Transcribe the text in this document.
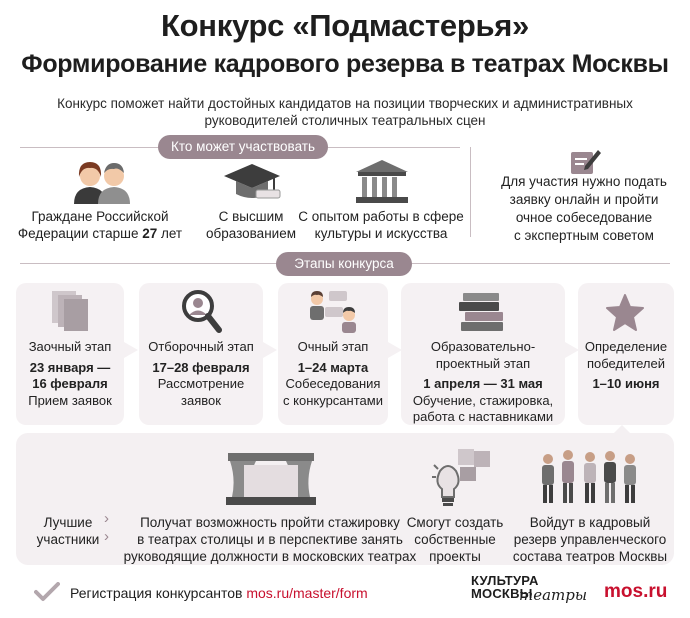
Конкурс «Подмастерья»
Формирование кадрового резерва в театрах Москвы
Конкурс поможет найти достойных кандидатов на позиции творческих и административных руководителей столичных театральных сцен
Кто может участвовать
Граждане Российской
Федерации старше 27 лет
С высшим
образованием
С опытом работы в сфере
культуры и искусства
Для участия нужно подать
заявку онлайн и пройти
очное собеседование
с экспертным советом
Этапы конкурса
Заочный этап
23 января —
16 февраля
Прием заявок
Отборочный этап
17–28 февраля
Рассмотрение
заявок
Очный этап
1–24 марта
Собеседования
с конкурсантами
Образовательно-
проектный этап
1 апреля — 31 мая
Обучение, стажировка,
работа с наставниками
Определение
победителей
1–10 июня
Лучшие
участники
›
›
Получат возможность пройти стажировку
в театрах столицы и в перспективе занять
руководящие должности в московских театрах
Смогут создать
собственные
проекты
Войдут в кадровый
резерв управленческого
состава театров Москвы
Регистрация конкурсантов mos.ru/master/form
КУЛЬТУРА
МОСКВЫ
театры mos.ru
